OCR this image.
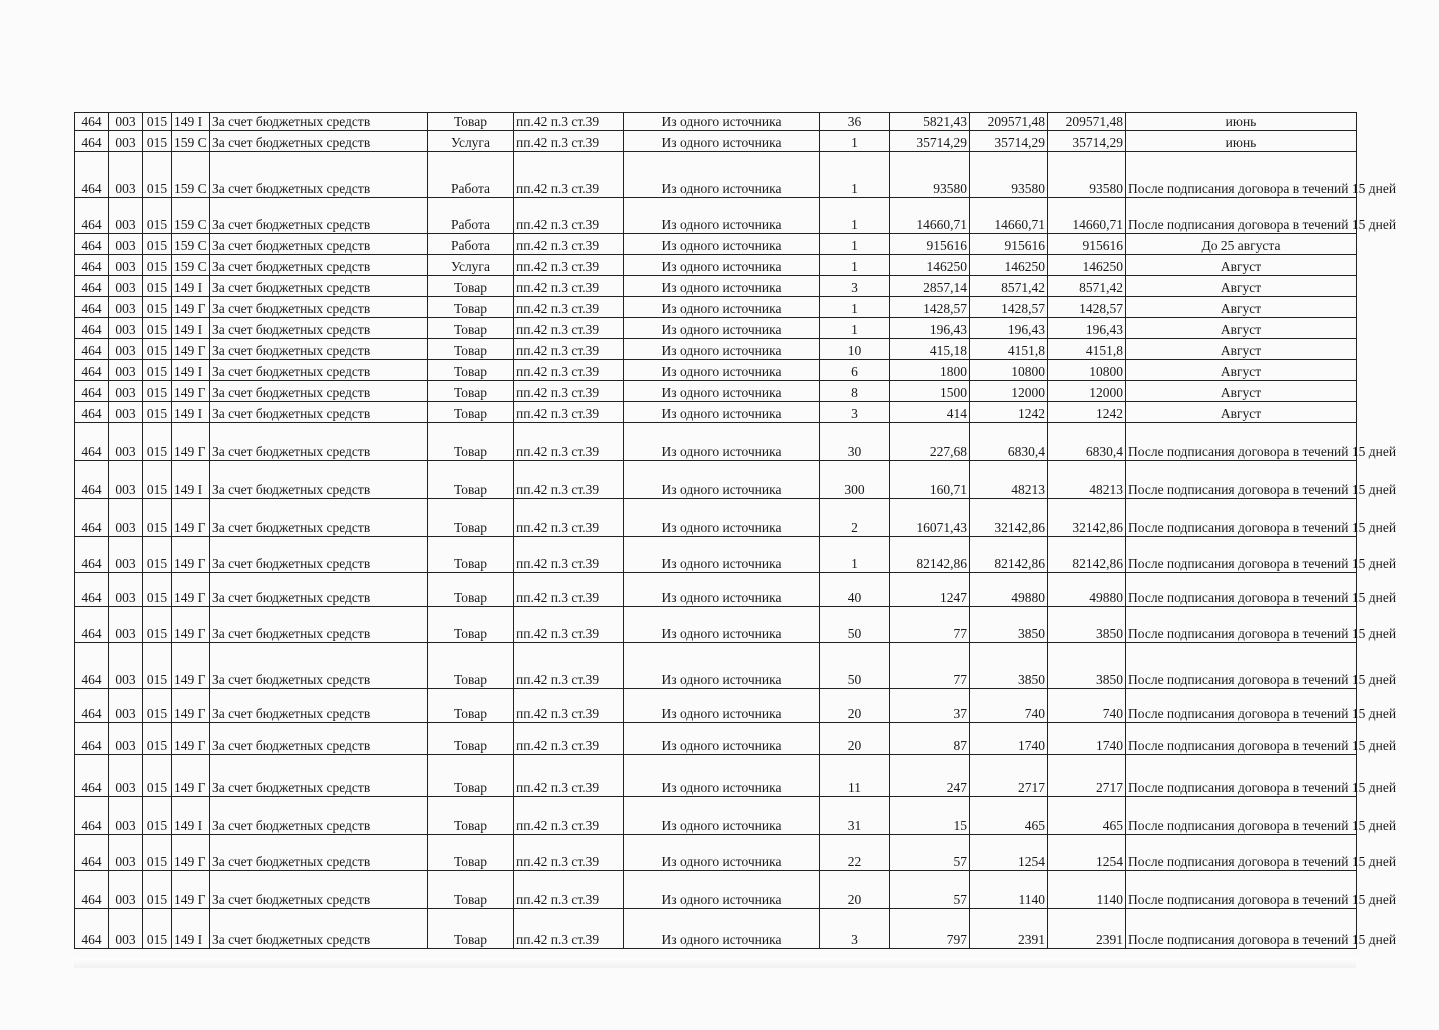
464	003	015	149 I	За счет бюджетных средств	Товар	пп.42 п.3 ст.39	Из одного источника	36	5821,43	209571,48	209571,48	июнь
464	003	015	159 С	За счет бюджетных средств	Услуга	пп.42 п.3 ст.39	Из одного источника	1	35714,29	35714,29	35714,29	июнь
464	003	015	159 С	За счет бюджетных средств	Работа	пп.42 п.3 ст.39	Из одного источника	1	93580	93580	93580	После подписания договора в течений 15 дней
464	003	015	159 С	За счет бюджетных средств	Работа	пп.42 п.3 ст.39	Из одного источника	1	14660,71	14660,71	14660,71	После подписания договора в течений 15 дней
464	003	015	159 С	За счет бюджетных средств	Работа	пп.42 п.3 ст.39	Из одного источника	1	915616	915616	915616	До 25 августа
464	003	015	159 С	За счет бюджетных средств	Услуга	пп.42 п.3 ст.39	Из одного источника	1	146250	146250	146250	Август
464	003	015	149 I	За счет бюджетных средств	Товар	пп.42 п.3 ст.39	Из одного источника	3	2857,14	8571,42	8571,42	Август
464	003	015	149 Г	За счет бюджетных средств	Товар	пп.42 п.3 ст.39	Из одного источника	1	1428,57	1428,57	1428,57	Август
464	003	015	149 I	За счет бюджетных средств	Товар	пп.42 п.3 ст.39	Из одного источника	1	196,43	196,43	196,43	Август
464	003	015	149 Г	За счет бюджетных средств	Товар	пп.42 п.3 ст.39	Из одного источника	10	415,18	4151,8	4151,8	Август
464	003	015	149 I	За счет бюджетных средств	Товар	пп.42 п.3 ст.39	Из одного источника	6	1800	10800	10800	Август
464	003	015	149 Г	За счет бюджетных средств	Товар	пп.42 п.3 ст.39	Из одного источника	8	1500	12000	12000	Август
464	003	015	149 I	За счет бюджетных средств	Товар	пп.42 п.3 ст.39	Из одного источника	3	414	1242	1242	Август
464	003	015	149 Г	За счет бюджетных средств	Товар	пп.42 п.3 ст.39	Из одного источника	30	227,68	6830,4	6830,4	После подписания договора в течений 15 дней
464	003	015	149 I	За счет бюджетных средств	Товар	пп.42 п.3 ст.39	Из одного источника	300	160,71	48213	48213	После подписания договора в течений 15 дней
464	003	015	149 Г	За счет бюджетных средств	Товар	пп.42 п.3 ст.39	Из одного источника	2	16071,43	32142,86	32142,86	После подписания договора в течений 15 дней
464	003	015	149 Г	За счет бюджетных средств	Товар	пп.42 п.3 ст.39	Из одного источника	1	82142,86	82142,86	82142,86	После подписания договора в течений 15 дней
464	003	015	149 Г	За счет бюджетных средств	Товар	пп.42 п.3 ст.39	Из одного источника	40	1247	49880	49880	После подписания договора в течений 15 дней
464	003	015	149 Г	За счет бюджетных средств	Товар	пп.42 п.3 ст.39	Из одного источника	50	77	3850	3850	После подписания договора в течений 15 дней
464	003	015	149 Г	За счет бюджетных средств	Товар	пп.42 п.3 ст.39	Из одного источника	50	77	3850	3850	После подписания договора в течений 15 дней
464	003	015	149 Г	За счет бюджетных средств	Товар	пп.42 п.3 ст.39	Из одного источника	20	37	740	740	После подписания договора в течений 15 дней
464	003	015	149 Г	За счет бюджетных средств	Товар	пп.42 п.3 ст.39	Из одного источника	20	87	1740	1740	После подписания договора в течений 15 дней
464	003	015	149 Г	За счет бюджетных средств	Товар	пп.42 п.3 ст.39	Из одного источника	11	247	2717	2717	После подписания договора в течений 15 дней
464	003	015	149 I	За счет бюджетных средств	Товар	пп.42 п.3 ст.39	Из одного источника	31	15	465	465	После подписания договора в течений 15 дней
464	003	015	149 Г	За счет бюджетных средств	Товар	пп.42 п.3 ст.39	Из одного источника	22	57	1254	1254	После подписания договора в течений 15 дней
464	003	015	149 Г	За счет бюджетных средств	Товар	пп.42 п.3 ст.39	Из одного источника	20	57	1140	1140	После подписания договора в течений 15 дней
464	003	015	149 I	За счет бюджетных средств	Товар	пп.42 п.3 ст.39	Из одного источника	3	797	2391	2391	После подписания договора в течений 15 дней
